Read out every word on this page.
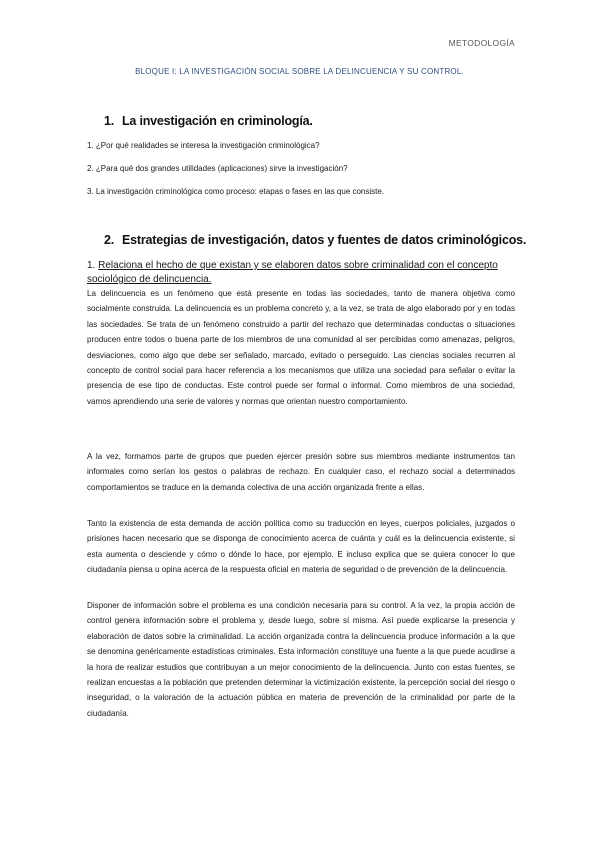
METODOLOGÍA
BLOQUE I: LA INVESTIGACIÓN SOCIAL SOBRE LA DELINCUENCIA Y SU CONTROL.
1. La investigación en criminología.
1. ¿Por qué realidades se interesa la investigación criminológica?
2. ¿Para qué dos grandes utilidades (aplicaciones) sirve la investigación?
3. La investigación criminológica como proceso: etapas o fases en las que consiste.
2. Estrategias de investigación, datos y fuentes de datos criminológicos.
1. Relaciona el hecho de que existan y se elaboren datos sobre criminalidad con el concepto sociológico de delincuencia.

La delincuencia es un fenómeno que está presente en todas las sociedades, tanto de manera objetiva como socialmente construida. La delincuencia es un problema concreto y, a la vez, se trata de algo elaborado por y en todas las sociedades. Se trata de un fenómeno construido a partir del rechazo que determinadas conductas o situaciones producen entre todos o buena parte de los miembros de una comunidad al ser percibidas como amenazas, peligros, desviaciones, como algo que debe ser señalado, marcado, evitado o perseguido. Las ciencias sociales recurren al concepto de control social para hacer referencia a los mecanismos que utiliza una sociedad para señalar o evitar la presencia de ese tipo de conductas. Este control puede ser formal o informal. Como miembros de una sociedad, vamos aprendiendo una serie de valores y normas que orientan nuestro comportamiento.

A la vez, formamos parte de grupos que pueden ejercer presión sobre sus miembros mediante instrumentos tan informales como serían los gestos o palabras de rechazo. En cualquier caso, el rechazo social a determinados comportamientos se traduce en la demanda colectiva de una acción organizada frente a ellas.

Tanto la existencia de esta demanda de acción política como su traducción en leyes, cuerpos policiales, juzgados o prisiones hacen necesario que se disponga de conocimiento acerca de cuánta y cuál es la delincuencia existente, si esta aumenta o desciende y cómo o dónde lo hace, por ejemplo. E incluso explica que se quiera conocer lo que ciudadanía piensa u opina acerca de la respuesta oficial en materia de seguridad o de prevención de la delincuencia.

Disponer de información sobre el problema es una condición necesaria para su control. A la vez, la propia acción de control genera información sobre el problema y, desde luego, sobre sí misma. Así puede explicarse la presencia y elaboración de datos sobre la criminalidad. La acción organizada contra la delincuencia produce información a la que se denomina genéricamente estadísticas criminales. Esta información constituye una fuente a la que puede acudirse a la hora de realizar estudios que contribuyan a un mejor conocimiento de la delincuencia. Junto con estas fuentes, se realizan encuestas a la población que pretenden determinar la victimización existente, la percepción social del riesgo o inseguridad, o la valoración de la actuación pública en materia de prevención de la criminalidad por parte de la ciudadanía.
